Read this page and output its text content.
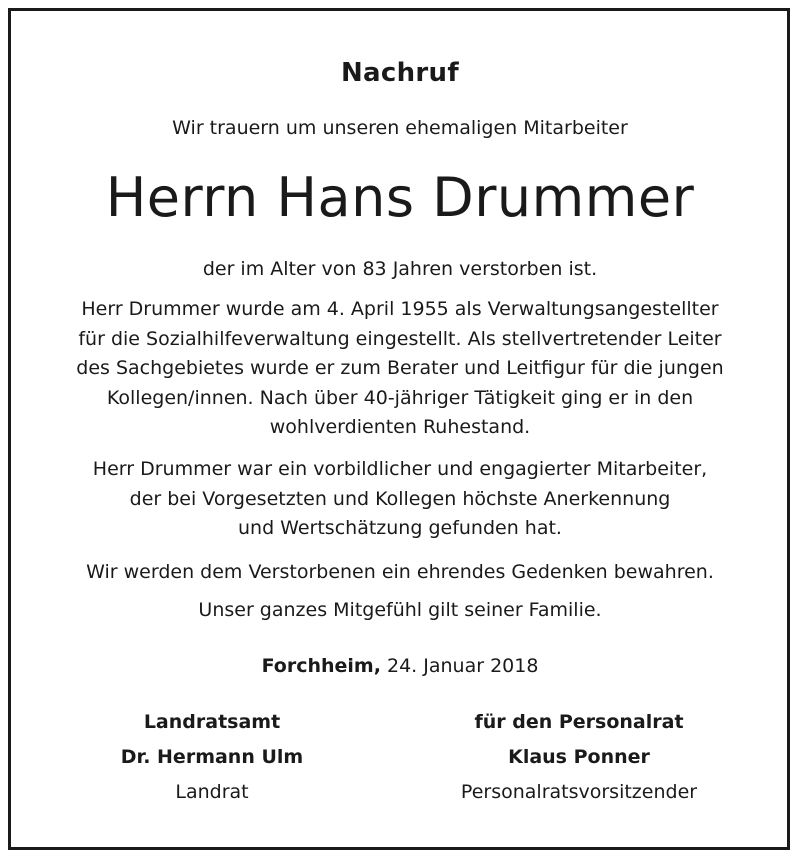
Nachruf
Wir trauern um unseren ehemaligen Mitarbeiter
Herrn Hans Drummer
der im Alter von 83 Jahren verstorben ist.
Herr Drummer wurde am 4. April 1955 als Verwaltungsangestellter
für die Sozialhilfeverwaltung eingestellt. Als stellvertretender Leiter
des Sachgebietes wurde er zum Berater und Leitfigur für die jungen
Kollegen/innen. Nach über 40-jähriger Tätigkeit ging er in den
wohlverdienten Ruhestand.
Herr Drummer war ein vorbildlicher und engagierter Mitarbeiter,
der bei Vorgesetzten und Kollegen höchste Anerkennung
und Wertschätzung gefunden hat.
Wir werden dem Verstorbenen ein ehrendes Gedenken bewahren.
Unser ganzes Mitgefühl gilt seiner Familie.
Forchheim, 24. Januar 2018
Landratsamt
Dr. Hermann Ulm
Landrat
für den Personalrat
Klaus Ponner
Personalratsvorsitzender
